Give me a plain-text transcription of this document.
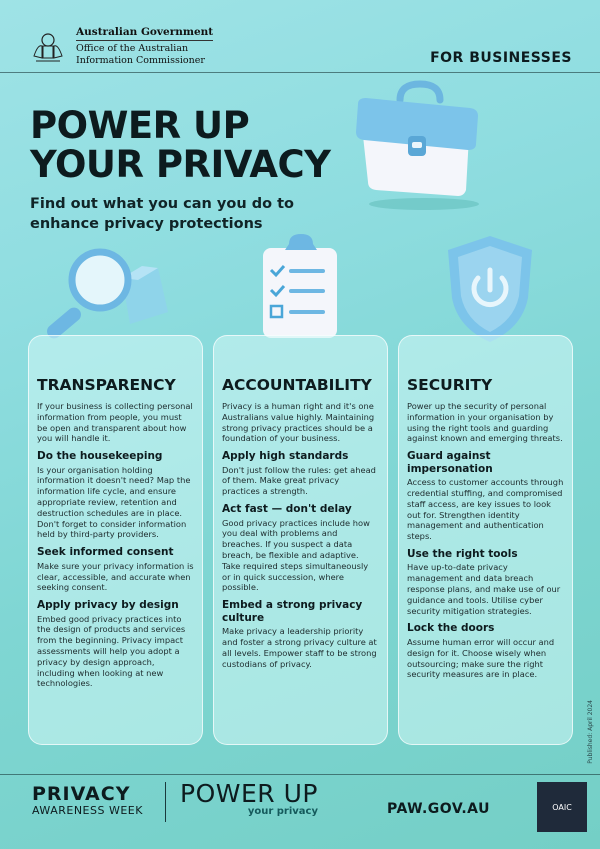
Australian Government
Office of the Australian
Information Commissioner	FOR BUSINESSES
POWER UP
YOUR PRIVACY
Find out what you can you do to enhance privacy protections
TRANSPARENCY

If your business is collecting personal information from people, you must be open and transparent about how you will handle it.

Do the housekeeping

Is your organisation holding information it doesn't need? Map the information life cycle, and ensure appropriate review, retention and destruction schedules are in place. Don't forget to consider information held by third-party providers.

Seek informed consent

Make sure your privacy information is clear, accessible, and accurate when seeking consent.

Apply privacy by design

Embed good privacy practices into the design of products and services from the beginning. Privacy impact assessments will help you adopt a privacy by design approach, including when looking at new technologies.

ACCOUNTABILITY

Privacy is a human right and it's one Australians value highly. Maintaining strong privacy practices should be a foundation of your business.

Apply high standards

Don't just follow the rules: get ahead of them. Make great privacy practices a strength.

Act fast — don't delay

Good privacy practices include how you deal with problems and breaches. If you suspect a data breach, be flexible and adaptive. Take required steps simultaneously or in quick succession, where possible.

Embed a strong privacy culture

Make privacy a leadership priority and foster a strong privacy culture at all levels. Empower staff to be strong custodians of privacy.

SECURITY

Power up the security of personal information in your organisation by using the right tools and guarding against known and emerging threats.

Guard against impersonation

Access to customer accounts through credential stuffing, and compromised staff access, are key issues to look out for. Strengthen identity management and authentication steps.

Use the right tools

Have up-to-date privacy management and data breach response plans, and make use of our guidance and tools. Utilise cyber security mitigation strategies.

Lock the doors

Assume human error will occur and design for it. Choose wisely when outsourcing; make sure the right security measures are in place.

Published: April 2024
PRIVACY
AWARENESS WEEK
POWER UP
your privacy	PAW.GOV.AU	OAIC
